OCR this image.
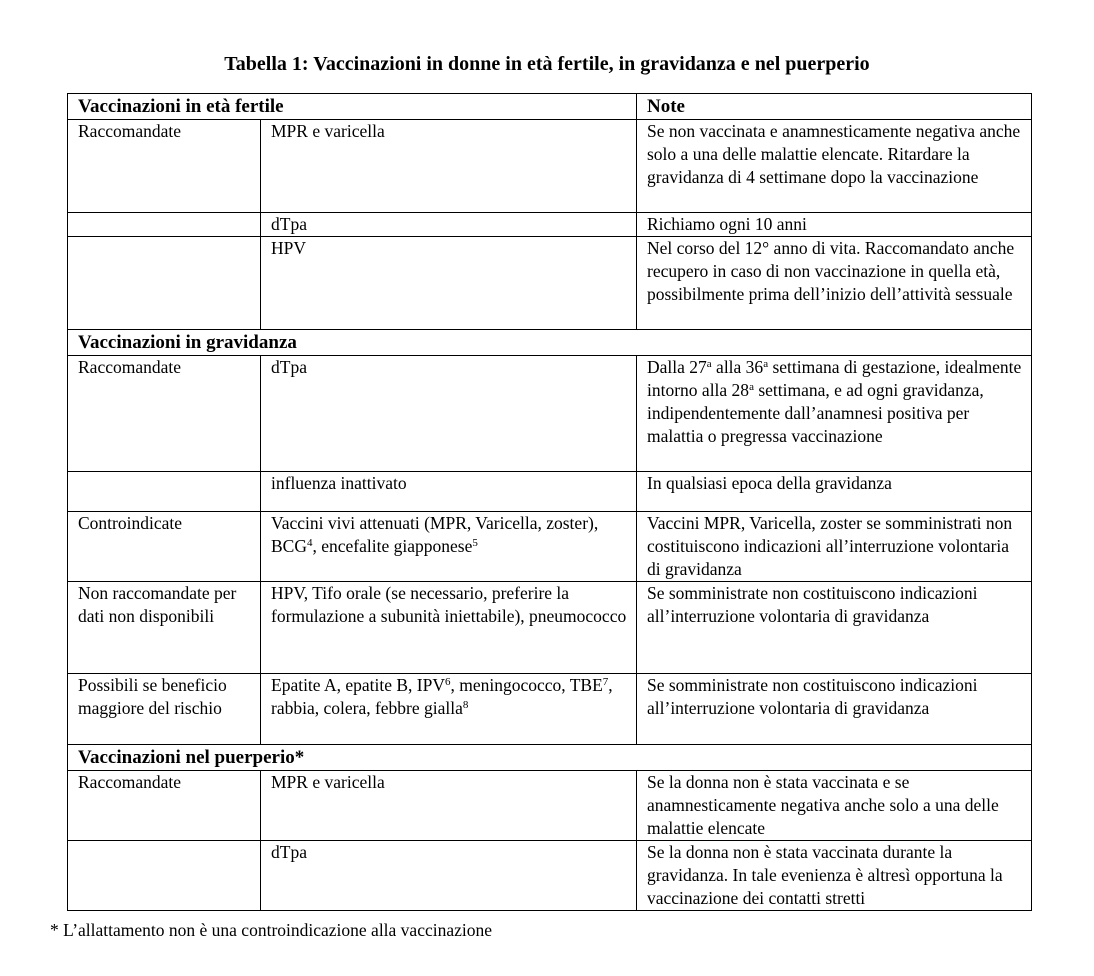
Tabella 1: Vaccinazioni in donne in età fertile, in gravidanza e nel puerperio
Vaccinazioni in età fertile		Note
Raccomandate	MPR e varicella	Se non vaccinata e anamnesticamente negativa anche solo a una delle malattie elencate. Ritardare la gravidanza di 4 settimane dopo la vaccinazione
	dTpa	Richiamo ogni 10 anni
	HPV	Nel corso del 12° anno di vita. Raccomandato anche recupero in caso di non vaccinazione in quella età, possibilmente prima dell’inizio dell’attività sessuale
Vaccinazioni in gravidanza		
Raccomandate	dTpa	Dalla 27$^a$ alla 36$^a$ settimana di gestazione, idealmente intorno alla 28$^a$ settimana, e ad ogni gravidanza, indipendentemente dall’anamnesi positiva per malattia o pregressa vaccinazione
	influenza inattivato	In qualsiasi epoca della gravidanza
Controindicate	Vaccini vivi attenuati (MPR, Varicella, zoster), BCG$^4$, encefalite giapponese$^5$	Vaccini MPR, Varicella, zoster se somministrati non costituiscono indicazioni all’interruzione volontaria di gravidanza
Non raccomandate per dati non disponibili	HPV, Tifo orale (se necessario, preferire la formulazione a subunità iniettabile), pneumococco	Se somministrate non costituiscono indicazioni all’interruzione volontaria di gravidanza
Possibili se beneficio maggiore del rischio	Epatite A, epatite B, IPV$^6$, meningococco, TBE$^7$, rabbia, colera, febbre gialla$^8$	Se somministrate non costituiscono indicazioni all’interruzione volontaria di gravidanza
Vaccinazioni nel puerperio*		
Raccomandate	MPR e varicella	Se la donna non è stata vaccinata e se anamnesticamente negativa anche solo a una delle malattie elencate
	dTpa	Se la donna non è stata vaccinata durante la gravidanza. In tale evenienza è altresì opportuna la vaccinazione dei contatti stretti
* L’allattamento non è una controindicazione alla vaccinazione
